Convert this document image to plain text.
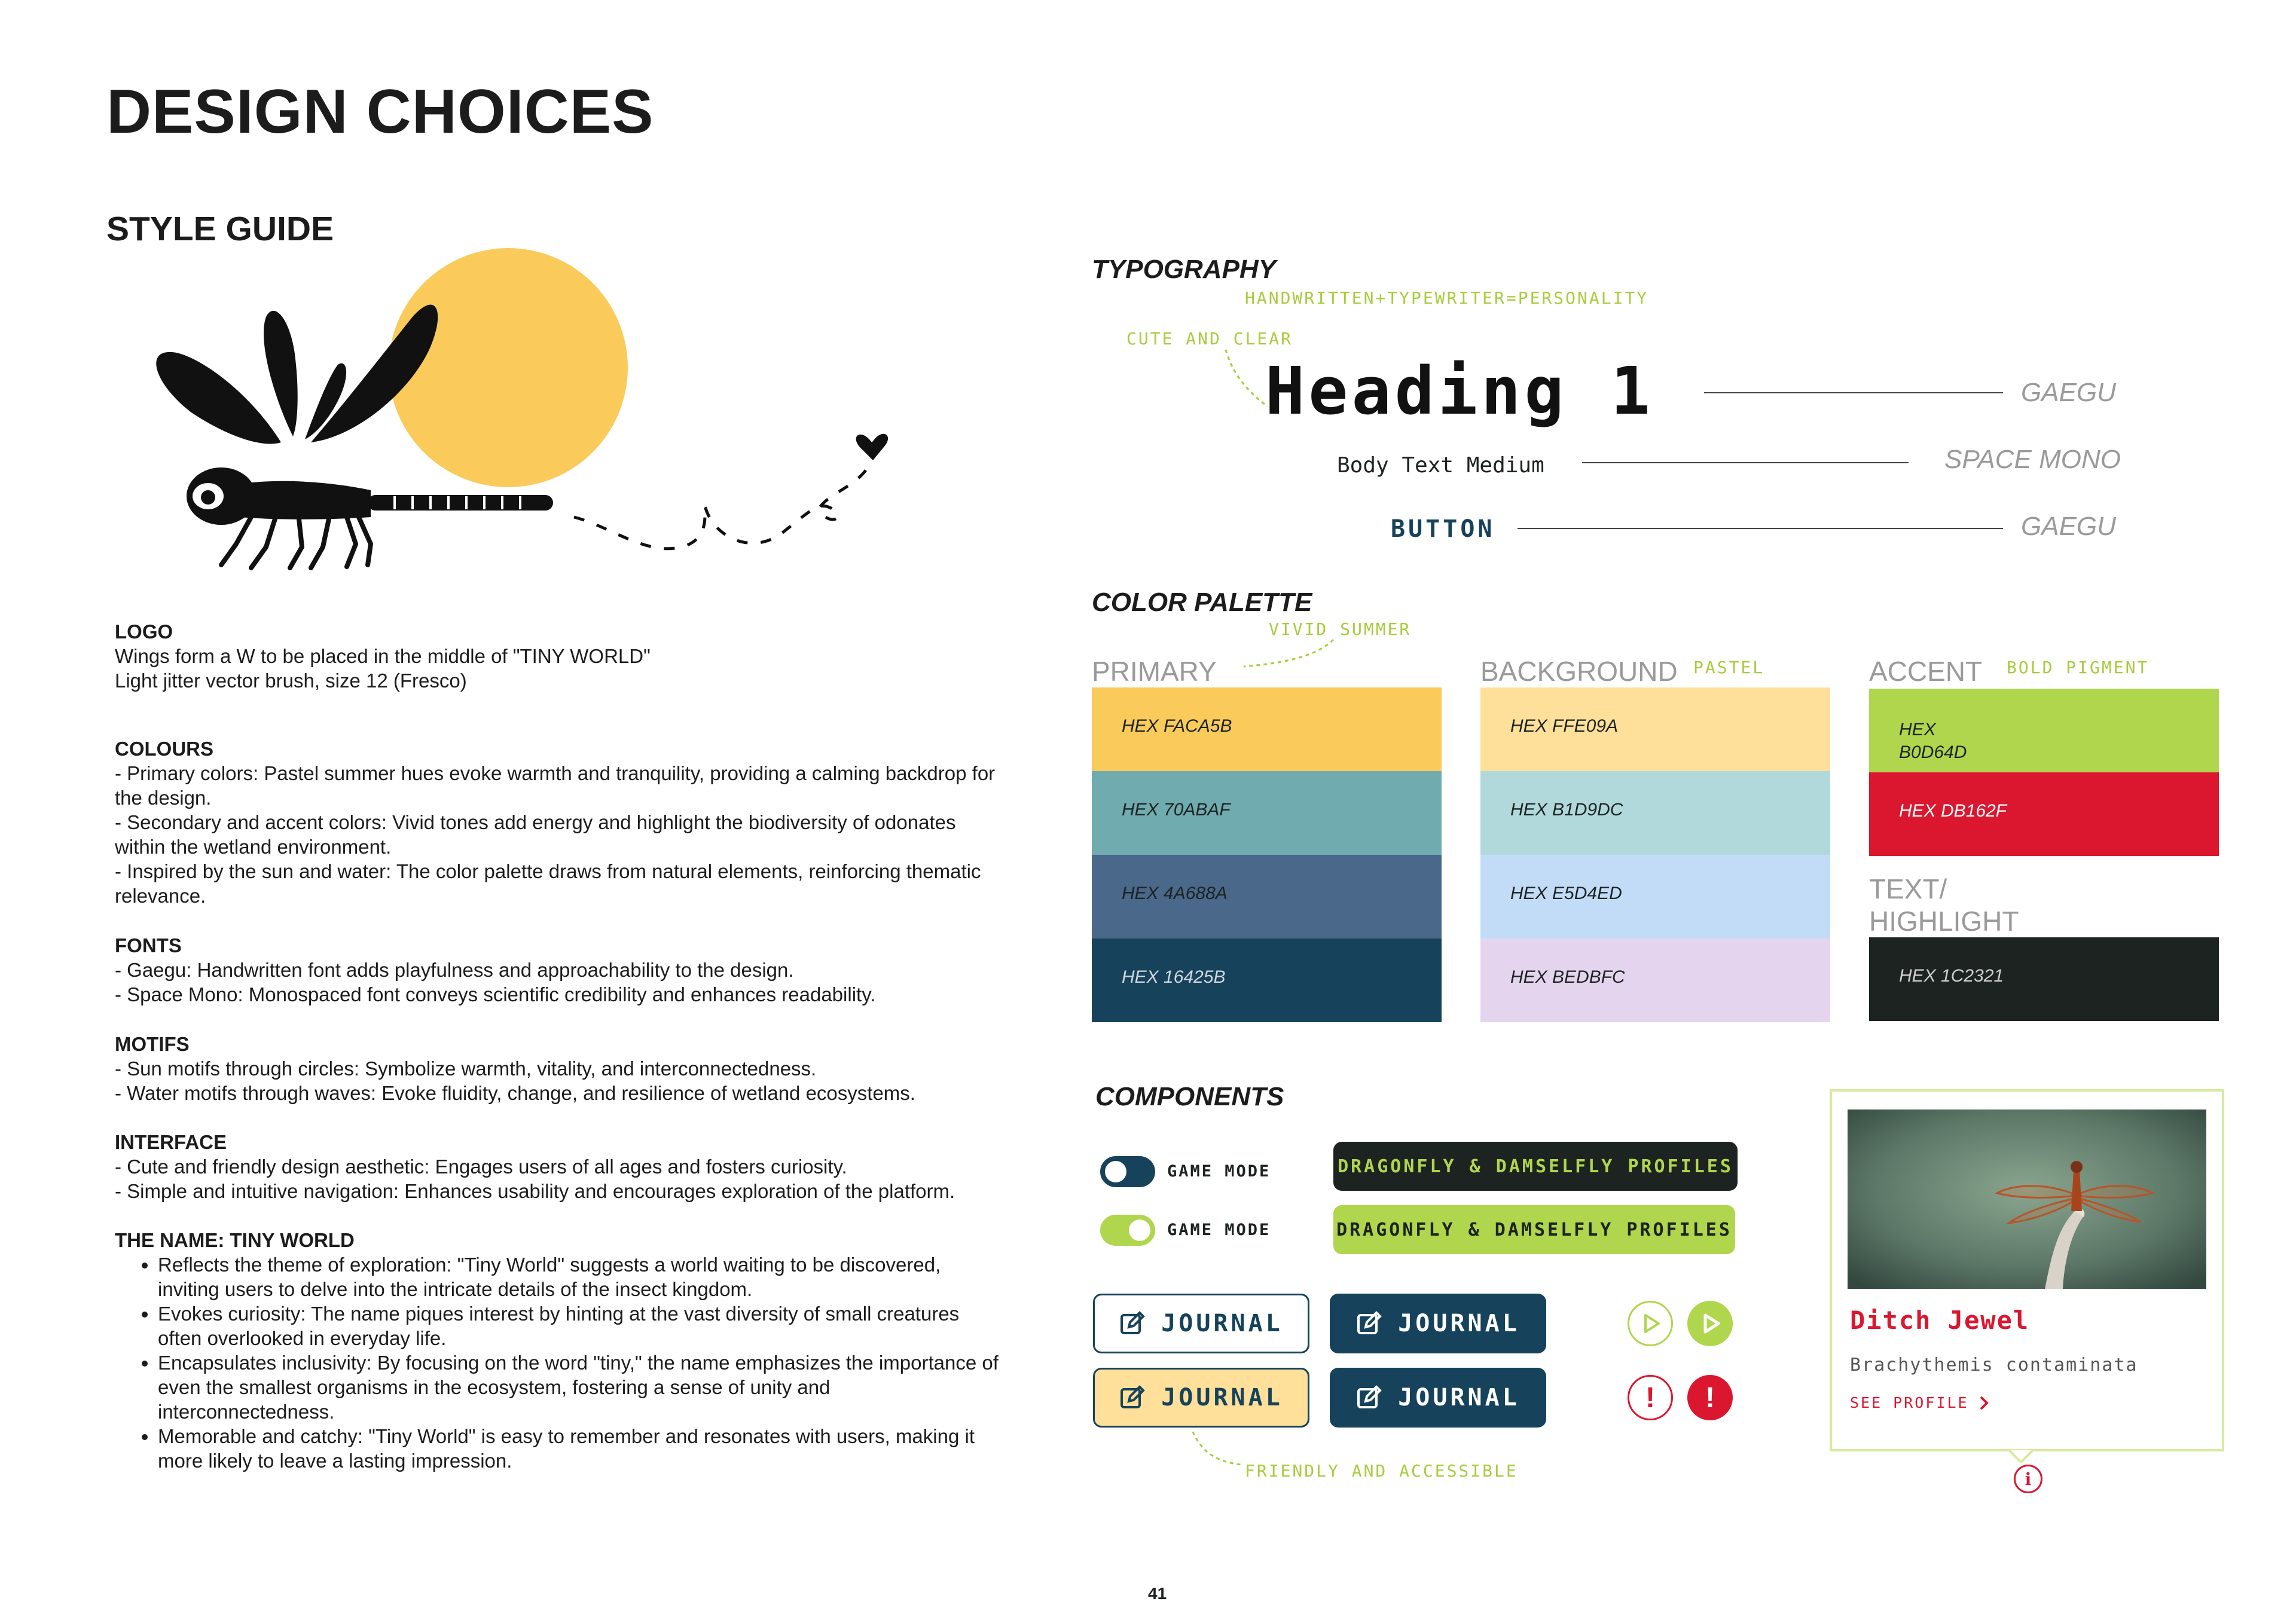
DESIGN CHOICES
STYLE GUIDE
LOGO

Wings form a W to be placed in the middle of "TINY WORLD"

Light jitter vector brush, size 12 (Fresco)

COLOURS

- Primary colors: Pastel summer hues evoke warmth and tranquility, providing a calming backdrop for the design.

- Secondary and accent colors: Vivid tones add energy and highlight the biodiversity of odonates within the wetland environment.

- Inspired by the sun and water: The color palette draws from natural elements, reinforcing thematic relevance.

FONTS

- Gaegu: Handwritten font adds playfulness and approachability to the design.

- Space Mono: Monospaced font conveys scientific credibility and enhances readability.

MOTIFS

- Sun motifs through circles: Symbolize warmth, vitality, and interconnectedness.

- Water motifs through waves: Evoke fluidity, change, and resilience of wetland ecosystems.

INTERFACE

- Cute and friendly design aesthetic: Engages users of all ages and fosters curiosity.

- Simple and intuitive navigation: Enhances usability and encourages exploration of the platform.

THE NAME: TINY WORLD
• Reflects the theme of exploration: "Tiny World" suggests a world waiting to be discovered, inviting users to delve into the intricate details of the insect kingdom.
• Evokes curiosity: The name piques interest by hinting at the vast diversity of small creatures often overlooked in everyday life.
• Encapsulates inclusivity: By focusing on the word "tiny," the name emphasizes the importance of even the smallest organisms in the ecosystem, fostering a sense of unity and interconnectedness.
• Memorable and catchy: "Tiny World" is easy to remember and resonates with users, making it more likely to leave a lasting impression.
41
TYPOGRAPHY
HANDWRITTEN+TYPEWRITER=PERSONALITY
CUTE AND CLEAR
Heading 1	GAEGU
Body Text Medium	SPACE MONO
BUTTON	GAEGU
COLOR PALETTE
VIVID SUMMER
PRIMARY	BACKGROUND PASTEL	ACCENT BOLD PIGMENT
HEX FACA5B
HEX 70ABAF
HEX 4A688A
HEX 16425B
HEX FFE09A
HEX B1D9DC
HEX E5D4ED
HEX BEDBFC
HEX
B0D64D
HEX DB162F
TEXT/
HIGHLIGHT
HEX 1C2321
COMPONENTS
GAME MODE
GAME MODE
DRAGONFLY & DAMSELFLY PROFILES
DRAGONFLY & DAMSELFLY PROFILES
JOURNAL	JOURNAL
JOURNAL	JOURNAL	!	!
FRIENDLY AND ACCESSIBLE
Ditch Jewel
Brachythemis contaminata
SEE PROFILE
i
